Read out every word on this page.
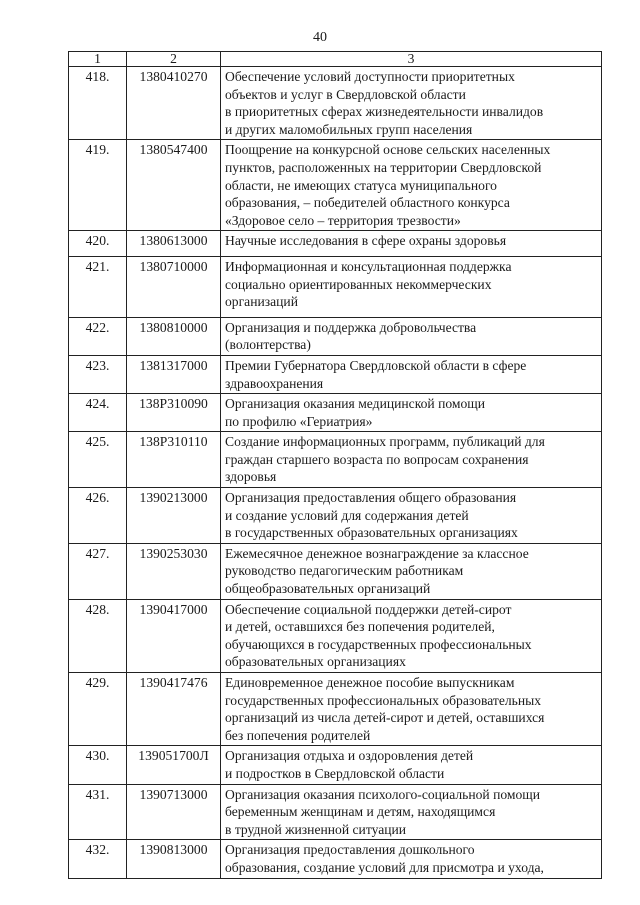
40
1	2	3
418.	1380410270	Обеспечение условий доступности приоритетных
объектов и услуг в Свердловской области
в приоритетных сферах жизнедеятельности инвалидов
и других маломобильных групп населения
419.	1380547400	Поощрение на конкурсной основе сельских населенных
пунктов, расположенных на территории Свердловской
области, не имеющих статуса муниципального
образования, – победителей областного конкурса
«Здоровое село – территория трезвости»
420.	1380613000	Научные исследования в сфере охраны здоровья
421.	1380710000	Информационная и консультационная поддержка
социально ориентированных некоммерческих
организаций
422.	1380810000	Организация и поддержка добровольчества
(волонтерства)
423.	1381317000	Премии Губернатора Свердловской области в сфере
здравоохранения
424.	138Р310090	Организация оказания медицинской помощи
по профилю «Гериатрия»
425.	138Р310110	Создание информационных программ, публикаций для
граждан старшего возраста по вопросам сохранения
здоровья
426.	1390213000	Организация предоставления общего образования
и создание условий для содержания детей
в государственных образовательных организациях
427.	1390253030	Ежемесячное денежное вознаграждение за классное
руководство педагогическим работникам
общеобразовательных организаций
428.	1390417000	Обеспечение социальной поддержки детей-сирот
и детей, оставшихся без попечения родителей,
обучающихся в государственных профессиональных
образовательных организациях
429.	1390417476	Единовременное денежное пособие выпускникам
государственных профессиональных образовательных
организаций из числа детей-сирот и детей, оставшихся
без попечения родителей
430.	139051700Л	Организация отдыха и оздоровления детей
и подростков в Свердловской области
431.	1390713000	Организация оказания психолого-социальной помощи
беременным женщинам и детям, находящимся
в трудной жизненной ситуации
432.	1390813000	Организация предоставления дошкольного
образования, создание условий для присмотра и ухода,
